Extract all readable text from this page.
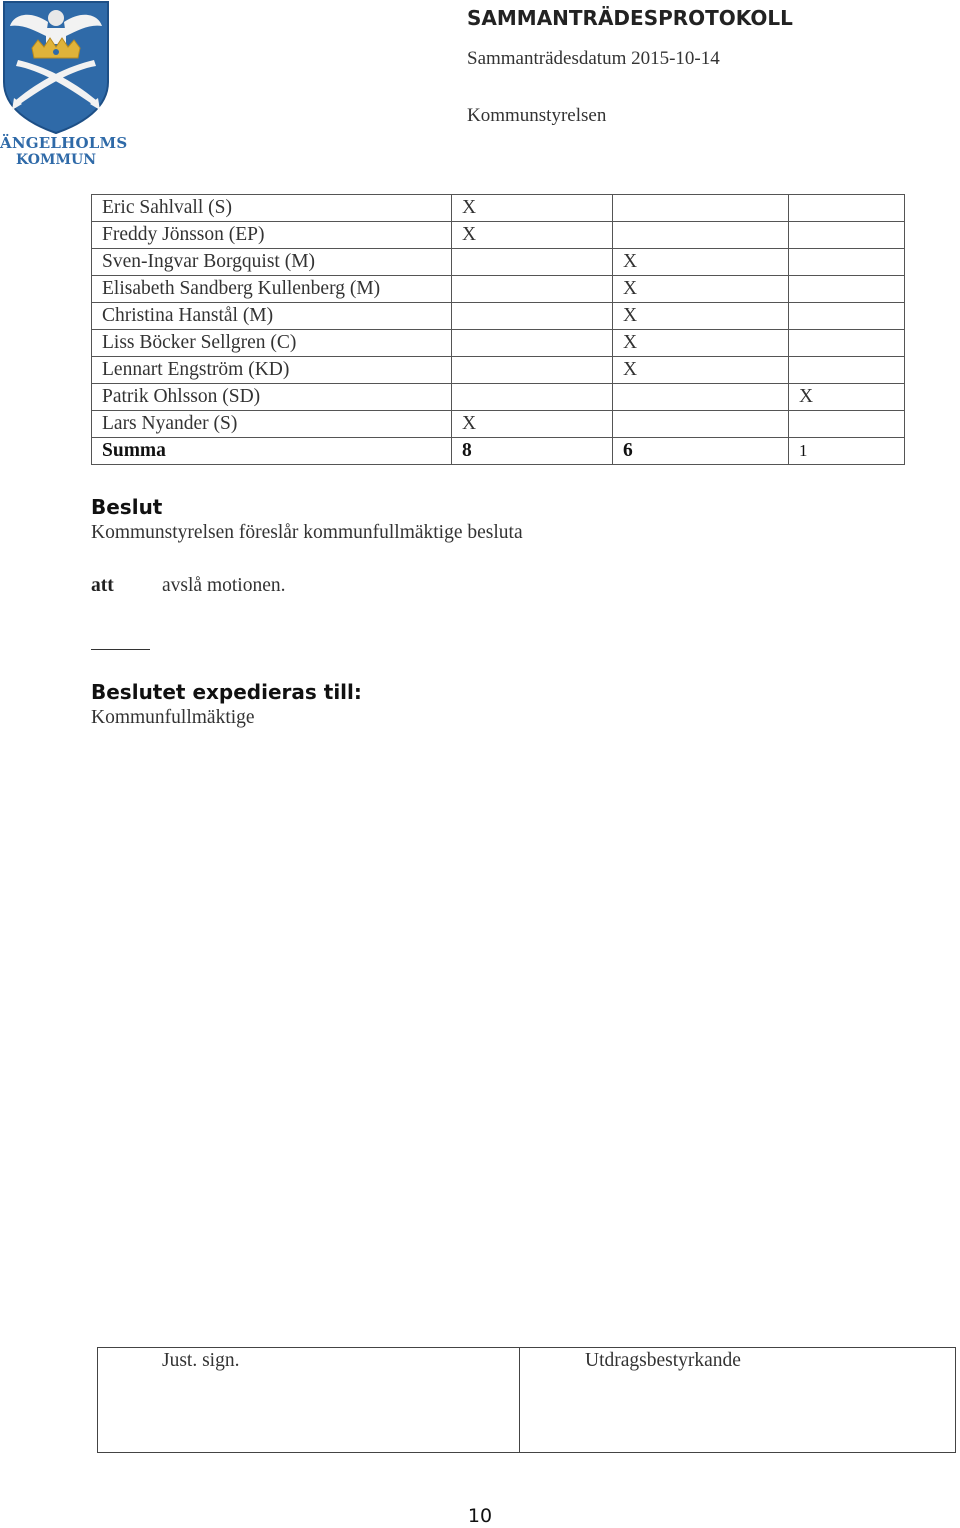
ÄNGELHOLMS
KOMMUN
SAMMANTRÄDESPROTOKOLL
Sammanträdesdatum 2015-10-14
Kommunstyrelsen
Eric Sahlvall (S)	X		
Freddy Jönsson (EP)	X		
Sven-Ingvar Borgquist (M)		X	
Elisabeth Sandberg Kullenberg (M)		X	
Christina Hanstål (M)		X	
Liss Böcker Sellgren (C)		X	
Lennart Engström (KD)		X	
Patrik Ohlsson (SD)			X
Lars Nyander (S)	X		
Summa	8	6	1
Beslut
Kommunstyrelsen föreslår kommunfullmäktige besluta
att avslå motionen.
Beslutet expedieras till:
Kommunfullmäktige
Just. sign.	Utdragsbestyrkande
10
